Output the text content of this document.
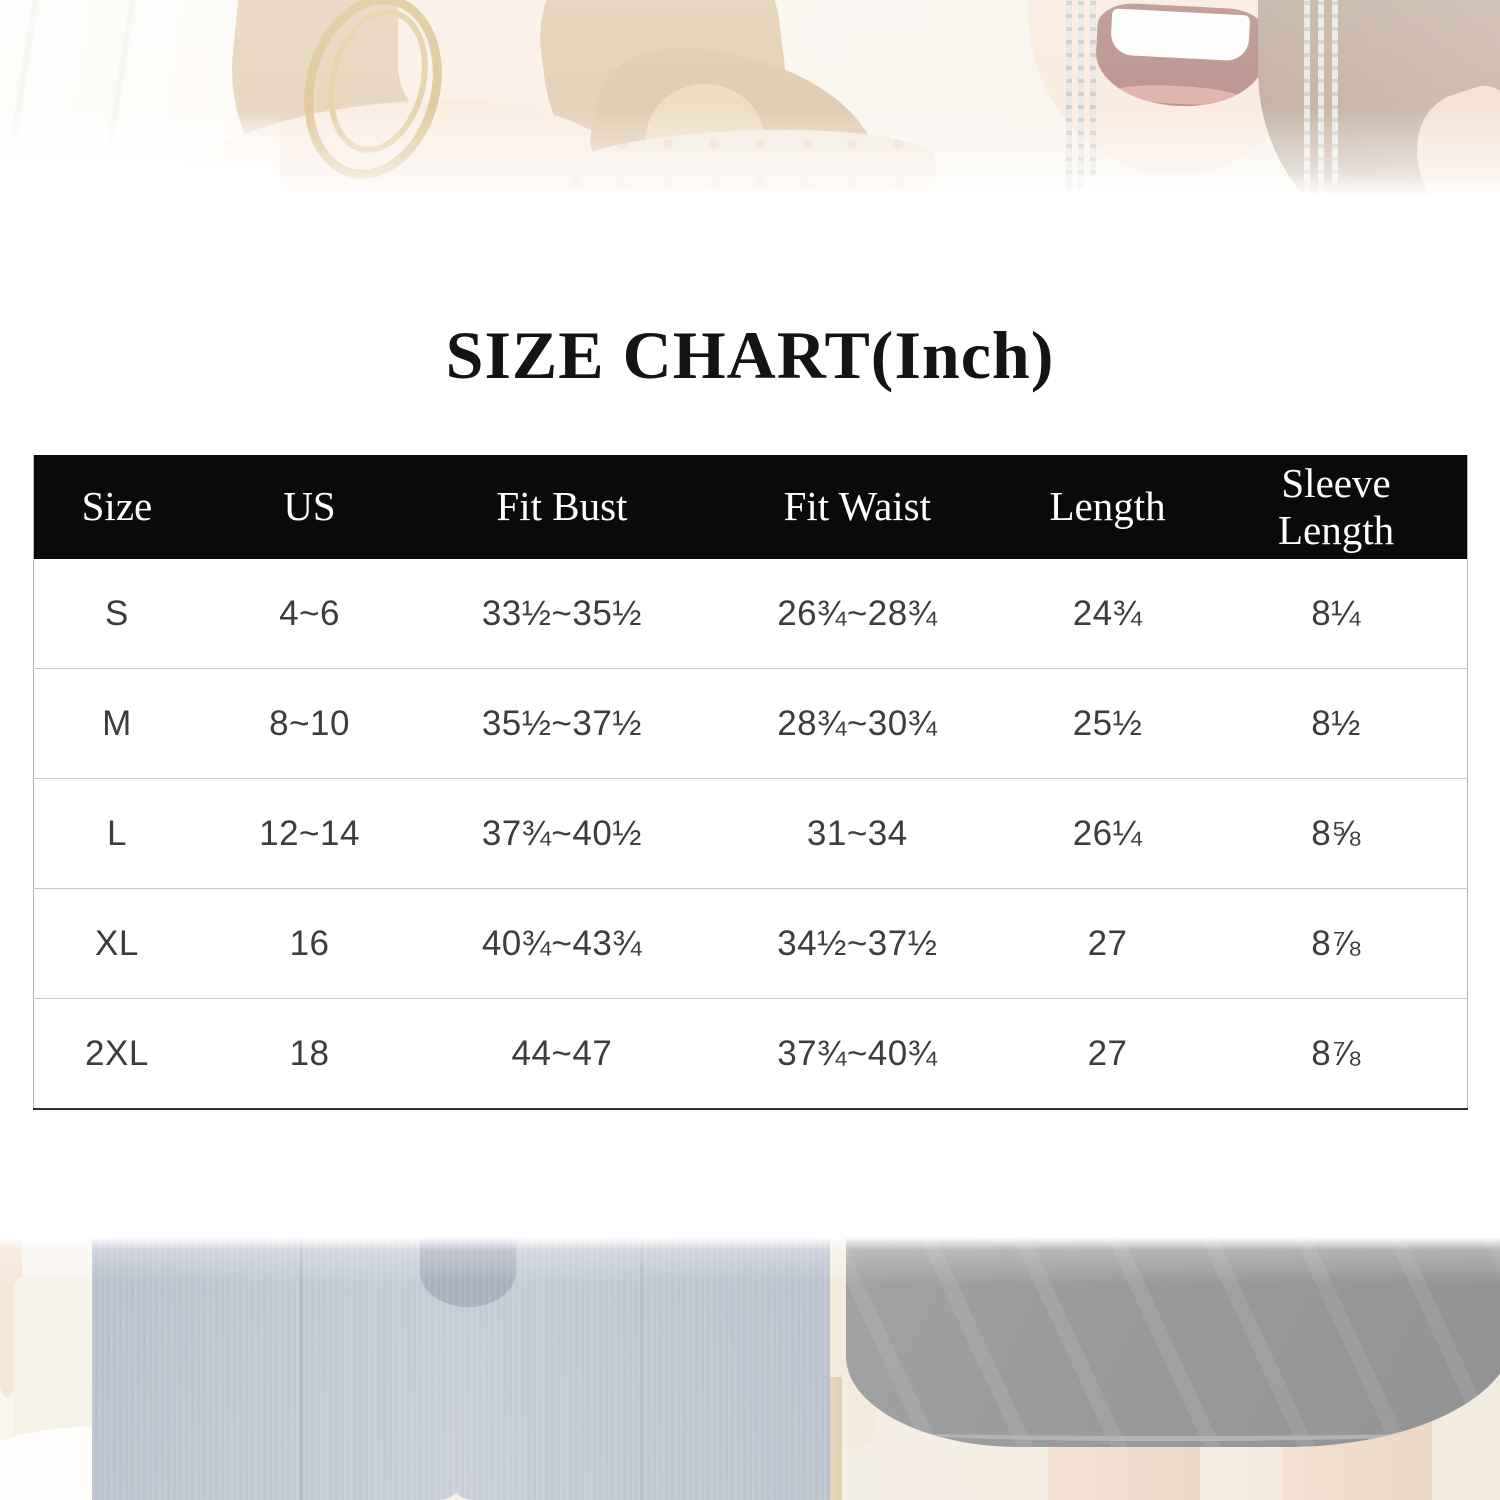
SIZE CHART(Inch)
Size	US	Fit Bust	Fit Waist	Length	Sleeve Length
S	4~6	33½~35½	26¾~28¾	24¾	8¼
M	8~10	35½~37½	28¾~30¾	25½	8½
L	12~14	37¾~40½	31~34	26¼	8⅝
XL	16	40¾~43¾	34½~37½	27	8⅞
2XL	18	44~47	37¾~40¾	27	8⅞
